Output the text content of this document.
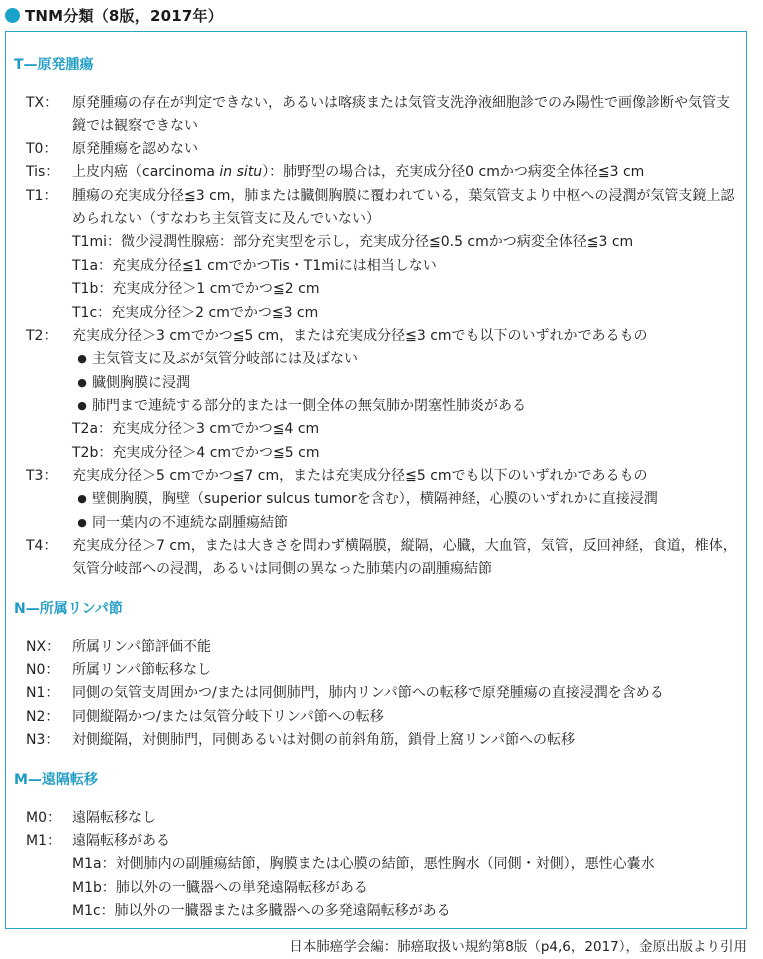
TNM分類（8版，2017年）
T—原発腫瘍
TX： 原発腫瘍の存在が判定できない，あるいは喀痰または気管支洗浄液細胞診でのみ陽性で画像診断や気管支鏡では観察できない
T0： 原発腫瘍を認めない
Tis： 上皮内癌（carcinoma in situ）：肺野型の場合は，充実成分径0 cmかつ病変全体径≦3 cm
T1： 腫瘍の充実成分径≦3 cm，肺または臓側胸膜に覆われている，葉気管支より中枢への浸潤が気管支鏡上認められない（すなわち主気管支に及んでいない）
T1mi：微少浸潤性腺癌：部分充実型を示し，充実成分径≦0.5 cmかつ病変全体径≦3 cm
T1a：充実成分径≦1 cmでかつTis・T1miには相当しない
T1b：充実成分径＞1 cmでかつ≦2 cm
T1c：充実成分径＞2 cmでかつ≦3 cm
T2： 充実成分径＞3 cmでかつ≦5 cm，または充実成分径≦3 cmでも以下のいずれかであるもの
● 主気管支に及ぶが気管分岐部には及ばない
● 臓側胸膜に浸潤
● 肺門まで連続する部分的または一側全体の無気肺か閉塞性肺炎がある
T2a：充実成分径＞3 cmでかつ≦4 cm
T2b：充実成分径＞4 cmでかつ≦5 cm
T3： 充実成分径＞5 cmでかつ≦7 cm，または充実成分径≦5 cmでも以下のいずれかであるもの
● 壁側胸膜，胸壁（superior sulcus tumorを含む），横隔神経，心膜のいずれかに直接浸潤
● 同一葉内の不連続な副腫瘍結節
T4： 充実成分径＞7 cm，または大きさを問わず横隔膜，縦隔，心臓，大血管，気管，反回神経，食道，椎体，気管分岐部への浸潤，あるいは同側の異なった肺葉内の副腫瘍結節
N—所属リンパ節
NX： 所属リンパ節評価不能
N0： 所属リンパ節転移なし
N1： 同側の気管支周囲かつ/または同側肺門，肺内リンパ節への転移で原発腫瘍の直接浸潤を含める
N2： 同側縦隔かつ/または気管分岐下リンパ節への転移
N3： 対側縦隔，対側肺門，同側あるいは対側の前斜角筋，鎖骨上窩リンパ節への転移
M—遠隔転移
M0： 遠隔転移なし
M1： 遠隔転移がある
M1a：対側肺内の副腫瘍結節，胸膜または心膜の結節，悪性胸水（同側・対側），悪性心嚢水
M1b：肺以外の一臓器への単発遠隔転移がある
M1c：肺以外の一臓器または多臓器への多発遠隔転移がある
日本肺癌学会編：肺癌取扱い規約第8版（p4,6，2017），金原出版より引用
